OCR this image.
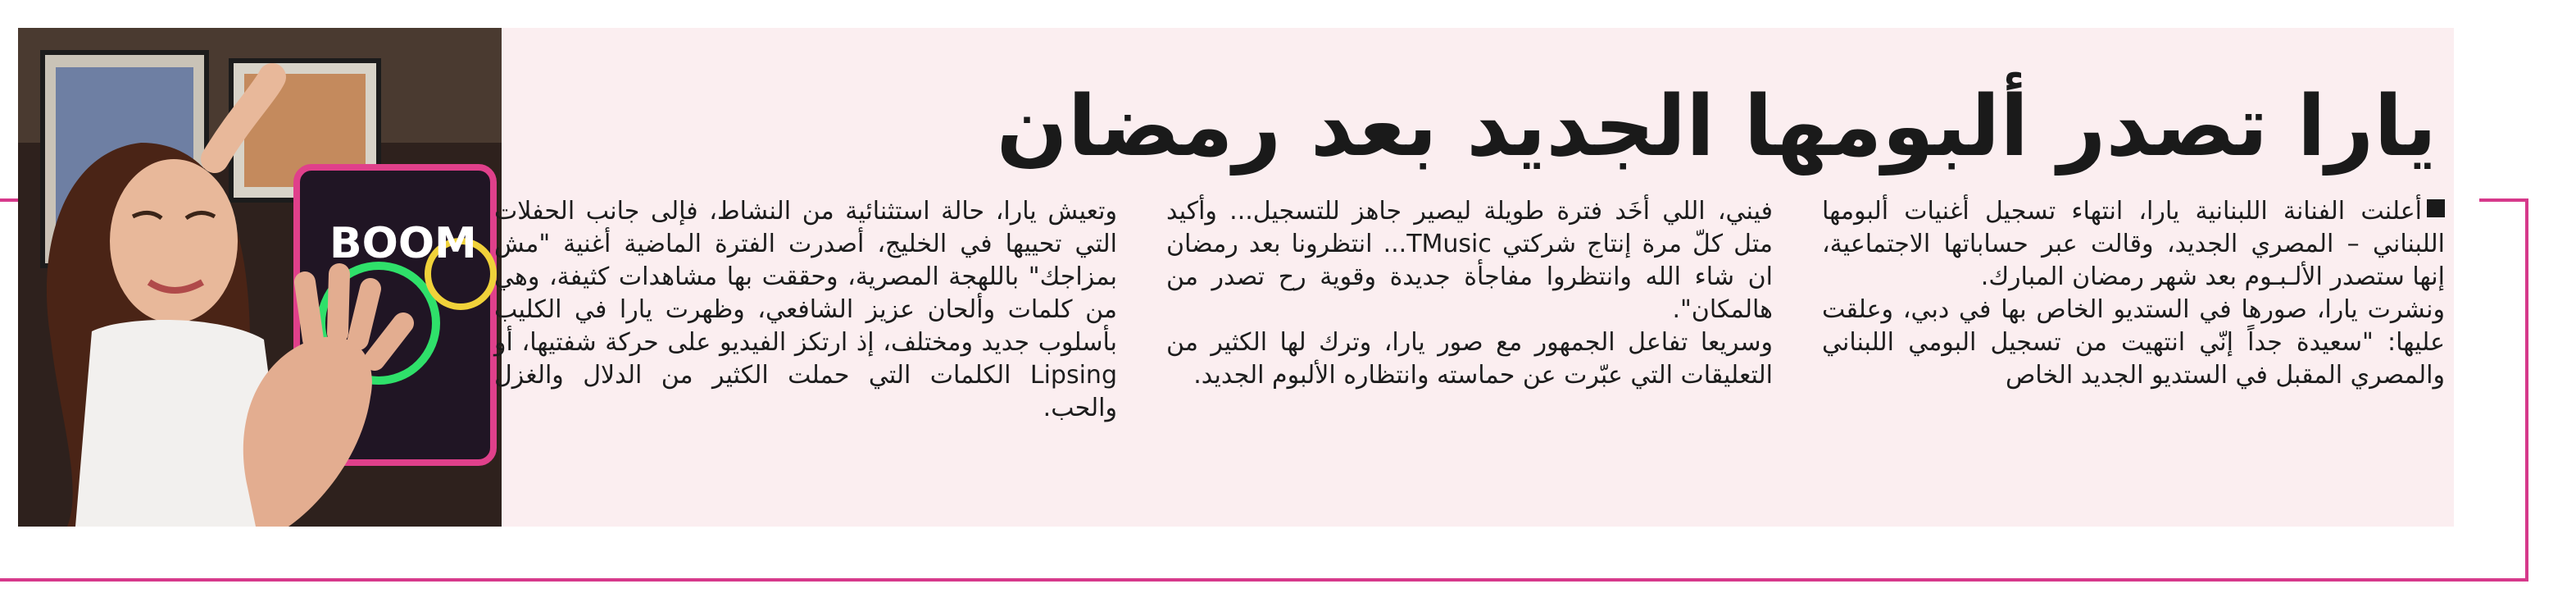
BOOM
يارا تصدر ألبومها الجديد بعد رمضان

أعلنت الفنانة اللبنانية يارا، انتهاء تسجيل أغنيات ألبومها اللبناني – المصري الجديد، وقالت عبر حساباتها الاجتماعية، إنها ستصدر الألـبـوم بعد شهر رمضان المبارك.

ونشرت يارا، صورها في الستديو الخاص بها في دبي، وعلقت عليها: "سعيدة جداً إنّي انتهيت من تسجيل البومي اللبناني والمصري المقبل في الستديو الجديد الخاص

فيني، اللي أخَد فترة طويلة ليصير جاهز للتسجيل... وأكيد متل كلّ مرة إنتاج شركتي TMusic... انتظرونا بعد رمضان ان شاء الله وانتظروا مفاجأة جديدة وقوية رح تصدر من هالمكان".

وسريعا تفاعل الجمهور مع صور يارا، وترك لها الكثير من التعليقات التي عبّرت عن حماسته وانتظاره الألبوم الجديد.

وتعيش يارا، حالة استثنائية من النشاط، فإلى جانب الحفلات التي تحييها في الخليج، أصدرت الفترة الماضية أغنية "مش بمزاجك" باللهجة المصرية، وحققت بها مشاهدات كثيفة، وهي من كلمات وألحان عزيز الشافعي، وظهرت يارا في الكليب بأسلوب جديد ومختلف، إذ ارتكز الفيديو على حركة شفتيها، أو Lipsing الكلمات التي حملت الكثير من الدلال والغزل والحب.
